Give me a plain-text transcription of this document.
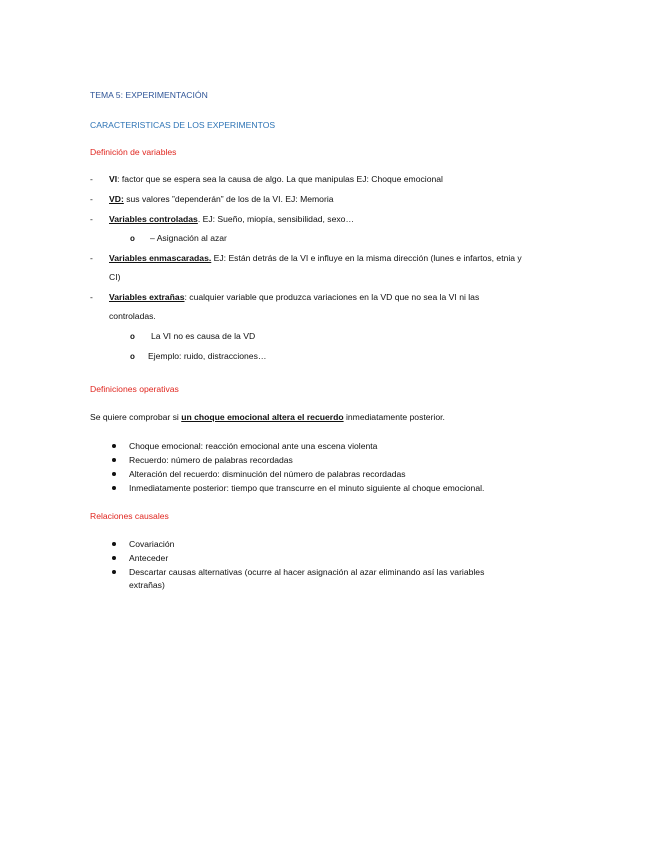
TEMA 5: EXPERIMENTACIÓN
CARACTERISTICAS DE LOS EXPERIMENTOS
Definición de variables
- VI: factor que se espera sea la causa de algo. La que manipulas EJ: Choque emocional
- VD: sus valores ”dependerán” de los de la VI. EJ: Memoria
- Variables controladas. EJ: Sueño, miopía, sensibilidad, sexo…
o – Asignación al azar
- Variables enmascaradas. EJ: Están detrás de la VI e influye en la misma dirección (lunes e infartos, etnia y
CI)
- Variables extrañas: cualquier variable que produzca variaciones en la VD que no sea la VI ni las
controladas.
o La VI no es causa de la VD
o Ejemplo: ruido, distracciones…
Definiciones operativas
Se quiere comprobar si un choque emocional altera el recuerdo inmediatamente posterior.
Choque emocional: reacción emocional ante una escena violenta
Recuerdo: número de palabras recordadas
Alteración del recuerdo: disminución del número de palabras recordadas
Inmediatamente posterior: tiempo que transcurre en el minuto siguiente al choque emocional.
Relaciones causales
Covariación
Anteceder
Descartar causas alternativas (ocurre al hacer asignación al azar eliminando así las variables
extrañas)
